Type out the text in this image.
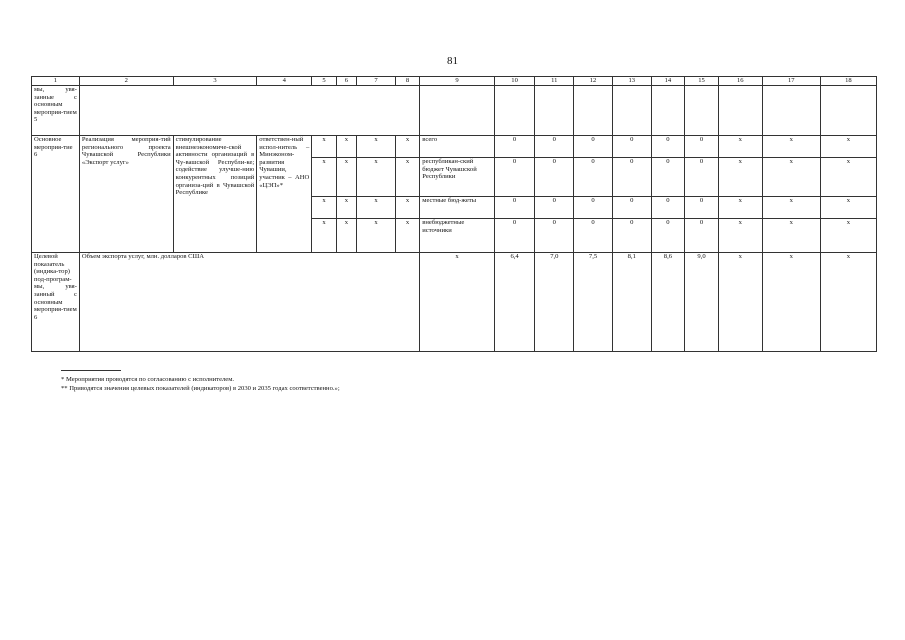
81
1	2	3	4	5	6	7	8	9	10	11	12	13	14	15	16	17	18
мы, увя-занные с основным мероприя-тием 5																	
Основное мероприя-тие 6	Реализация мероприя-тий регионального проекта Чувашской Республики «Экспорт услуг»	стимулирование внешнеэкономиче-ской активности организаций в Чу-вашской Республи-ке; содействие улучше-нию конкурентных позиций организа-ций в Чувашской Республике	ответствен-ный испол-нитель – Минэконом-развития Чувашии, участник – АНО «ЦЭП»*	x	x	x	x	всего	0	0	0	0	0	0	x	x	x
				x	x	x	x	республикан-ский бюджет Чувашской Республики	0	0	0	0	0	0	x	x	x
				x	x	x	x	местные бюд-жеты	0	0	0	0	0	0	x	x	x
				x	x	x	x	внебюджетные источники	0	0	0	0	0	0	x	x	x
Целевой показатель (индика-тор) под-програм-мы, увя-занный с основным мероприя-тием 6	Объем экспорта услуг, млн. долларов США							x	6,4	7,0	7,5	8,1	8,6	9,0	x	x	x
* Мероприятия проводятся по согласованию с исполнителем.
** Приводятся значения целевых показателей (индикаторов) в 2030 и 2035 годах соответственно.»;
